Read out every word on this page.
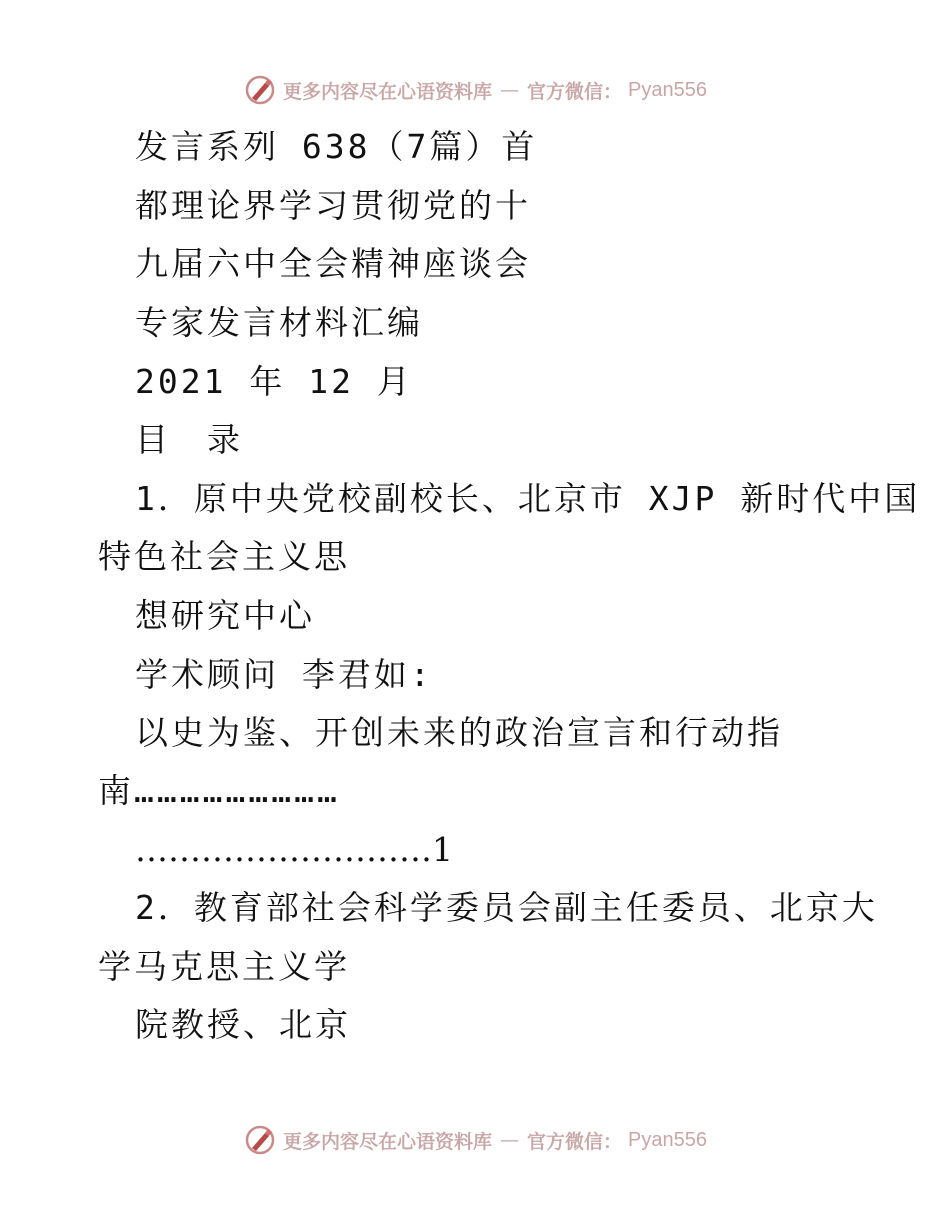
更多内容尽在心语资料库 — 官方微信： Pyan556
发言系列 638（7篇）首
都理论界学习贯彻党的十
九届六中全会精神座谈会
专家发言材料汇编
2021 年 12 月
目　录
1．原中央党校副校长、北京市 XJP 新时代中国
特色社会主义思
想研究中心
学术顾问 李君如:
以史为鉴、开创未来的政治宣言和行动指
南………………………
………………………1
2．教育部社会科学委员会副主任委员、北京大
学马克思主义学
院教授、北京
更多内容尽在心语资料库 — 官方微信： Pyan556
